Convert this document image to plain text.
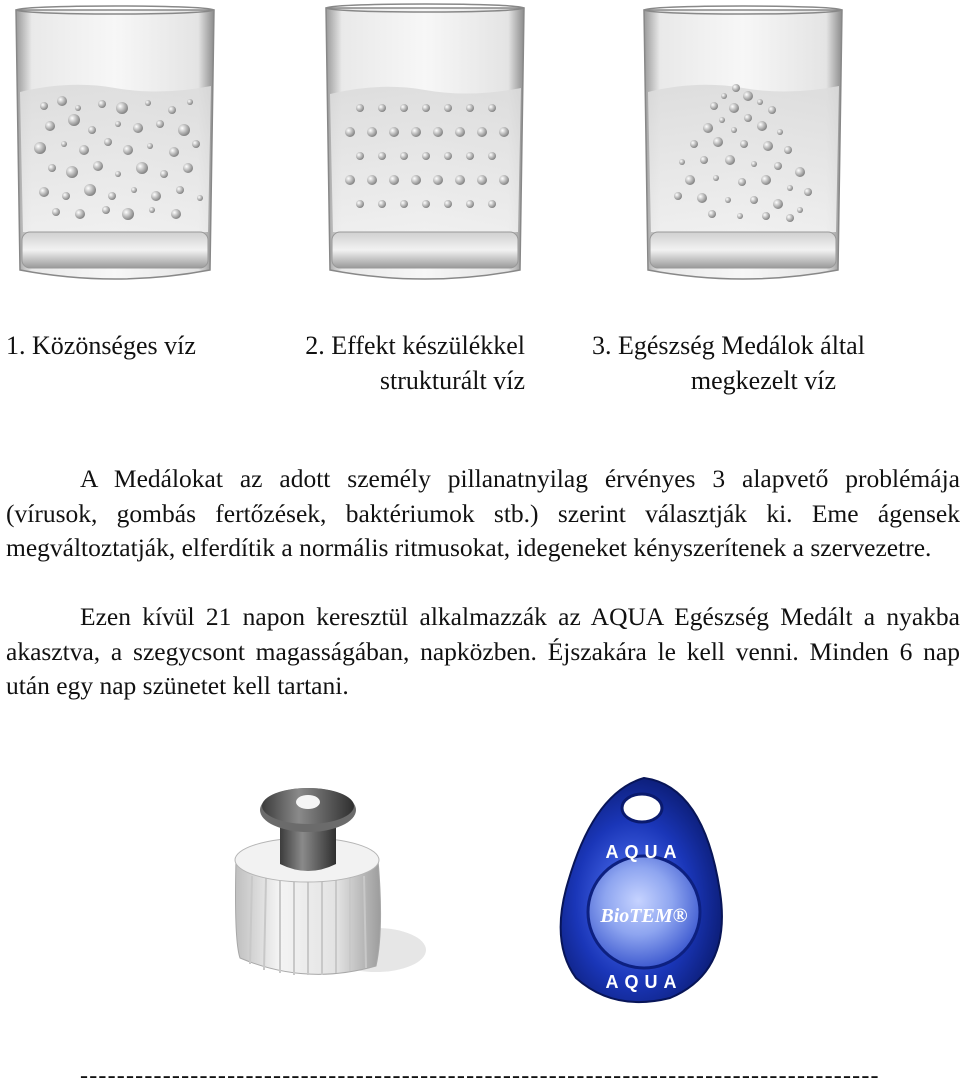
1. Közönséges víz	2. Effekt készülékkel
strukturált víz
3. Egészség Medálok által
megkezelt víz

A Medálokat az adott személy pillanatnyilag érvényes 3 alapvető problémája (vírusok, gombás fertőzések, baktériumok stb.) szerint választják ki. Eme ágensek megváltoztatják, elferdítik a normális ritmusokat, idegeneket kényszerítenek a szervezetre.

Ezen kívül 21 napon keresztül alkalmazzák az AQUA Egészség Medált a nyakba akasztva, a szegycsont magasságában, napközben. Éjszakára le kell venni. Minden 6 nap után egy nap szünetet kell tartani.

AQUA
BioTEM®
AQUA
---------------------------------------------------------------------------------------
